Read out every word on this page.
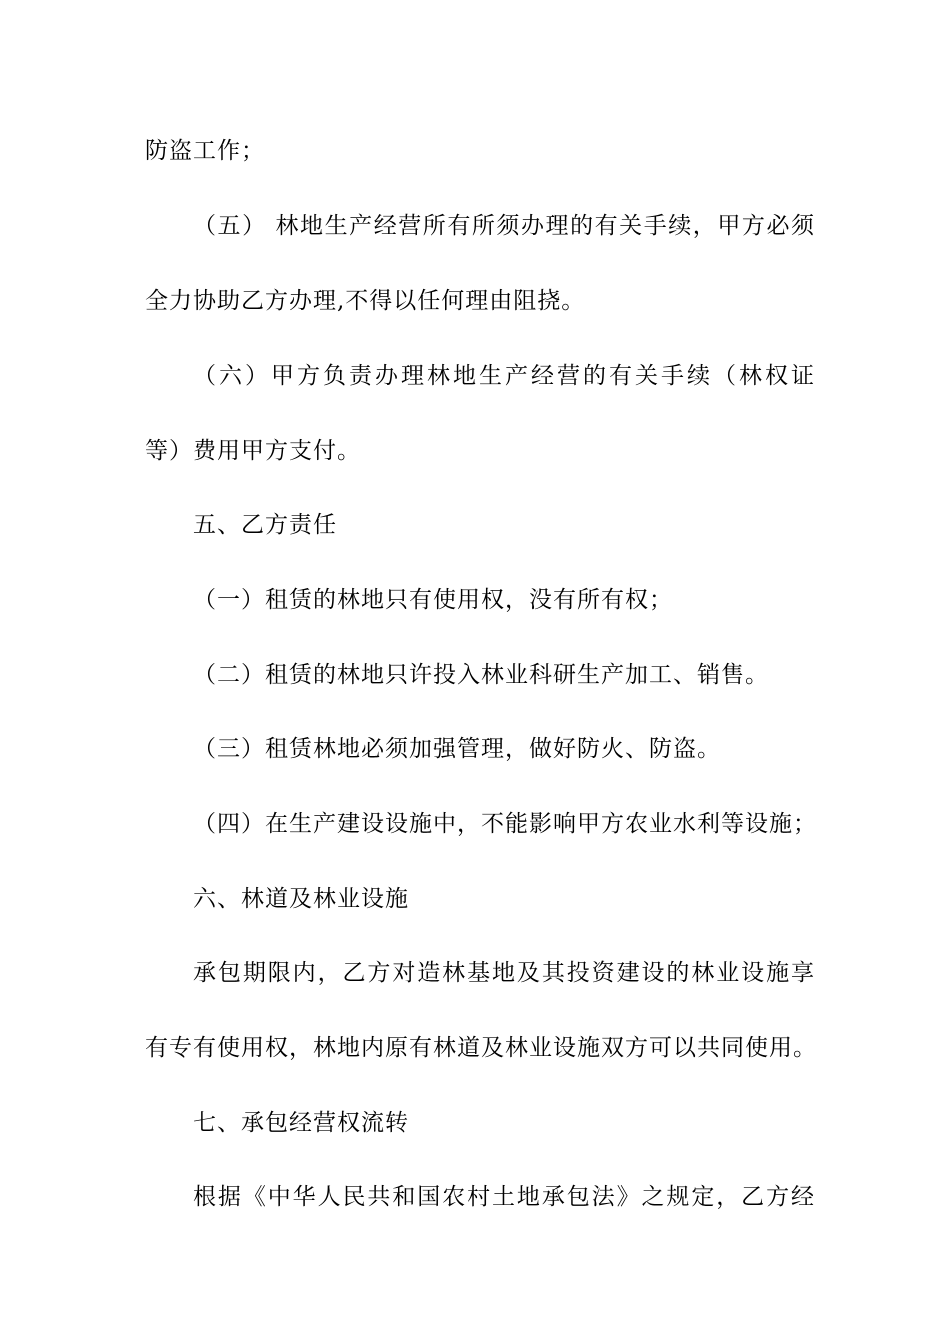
防盗工作；
（五） 林地生产经营所有所须办理的有关手续，甲方必须
全力协助乙方办理,不得以任何理由阻挠。
（六）甲方负责办理林地生产经营的有关手续（林权证
等）费用甲方支付。
五、乙方责任
（一）租赁的林地只有使用权，没有所有权；
（二）租赁的林地只许投入林业科研生产加工、销售。
（三）租赁林地必须加强管理，做好防火、防盗。
（四）在生产建设设施中，不能影响甲方农业水利等设施；
六、林道及林业设施
承包期限内，乙方对造林基地及其投资建设的林业设施享
有专有使用权，林地内原有林道及林业设施双方可以共同使用。
七、承包经营权流转
根据《中华人民共和国农村土地承包法》之规定，乙方经
